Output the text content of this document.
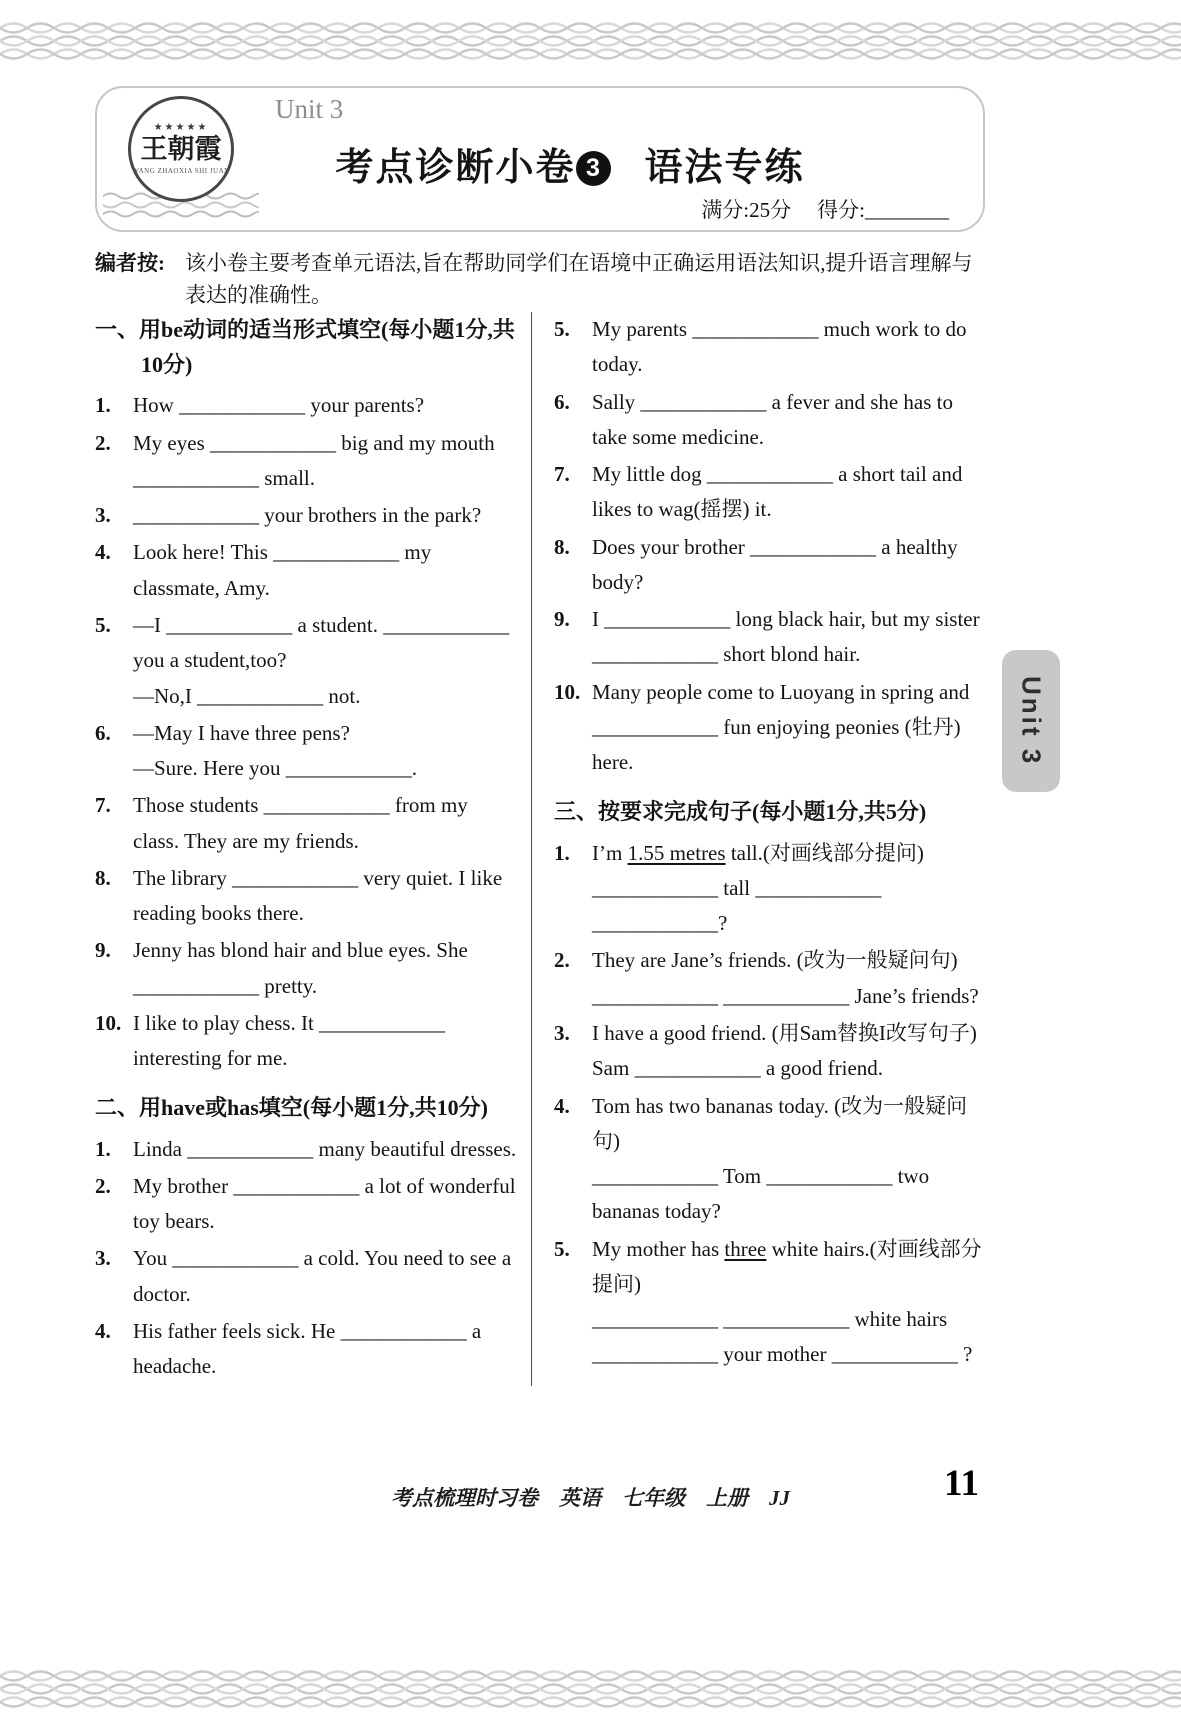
Unit 3
★★★★★
王朝霞
WANG ZHAOXIA SHI JUAN	考点诊断小卷 3 语法专练
满分:25分 得分:________
编者按: 该小卷主要考查单元语法,旨在帮助同学们在语境中正确运用语法知识,提升语言理解与表达的准确性。
一、用be动词的适当形式填空(每小题1分,共10分)
1.	How ____________ your parents?
2.	My eyes ____________ big and my mouth ____________ small.
3.	____________ your brothers in the park?
4.	Look here! This ____________ my classmate, Amy.
5.	—I ____________ a student. ____________ you a student,too?
—No,I ____________ not.
6.	—May I have three pens?
—Sure. Here you ____________.
7.	Those students ____________ from my class. They are my friends.
8.	The library ____________ very quiet. I like reading books there.
9.	Jenny has blond hair and blue eyes. She ____________ pretty.
10. I like to play chess. It ____________ interesting for me.
二、用have或has填空(每小题1分,共10分)
1.	Linda ____________ many beautiful dresses.
2.	My brother ____________ a lot of wonderful toy bears.
3.	You ____________ a cold. You need to see a doctor.
4.	His father feels sick. He ____________ a headache.
5.	My parents ____________ much work to do today.
6.	Sally ____________ a fever and she has to take some medicine.
7.	My little dog ____________ a short tail and likes to wag(摇摆) it.
8.	Does your brother ____________ a healthy body?
9.	I ____________ long black hair, but my sister ____________ short blond hair.
10. Many people come to Luoyang in spring and ____________ fun enjoying peonies (牡丹) here.
三、按要求完成句子(每小题1分,共5分)
1.	I’m 1.55 metres tall.(对画线部分提问)
____________ tall ____________ ____________?
2.	They are Jane’s friends. (改为一般疑问句)
____________ ____________ Jane’s friends?
3.	I have a good friend. (用Sam替换I改写句子)
Sam ____________ a good friend.
4.	Tom has two bananas today. (改为一般疑问句)
____________ Tom ____________ two bananas today?
5.	My mother has three white hairs.(对画线部分提问)
____________ ____________ white hairs ____________ your mother ____________ ?
Unit 3
考点梳理时习卷　英语　七年级　上册　JJ	11
